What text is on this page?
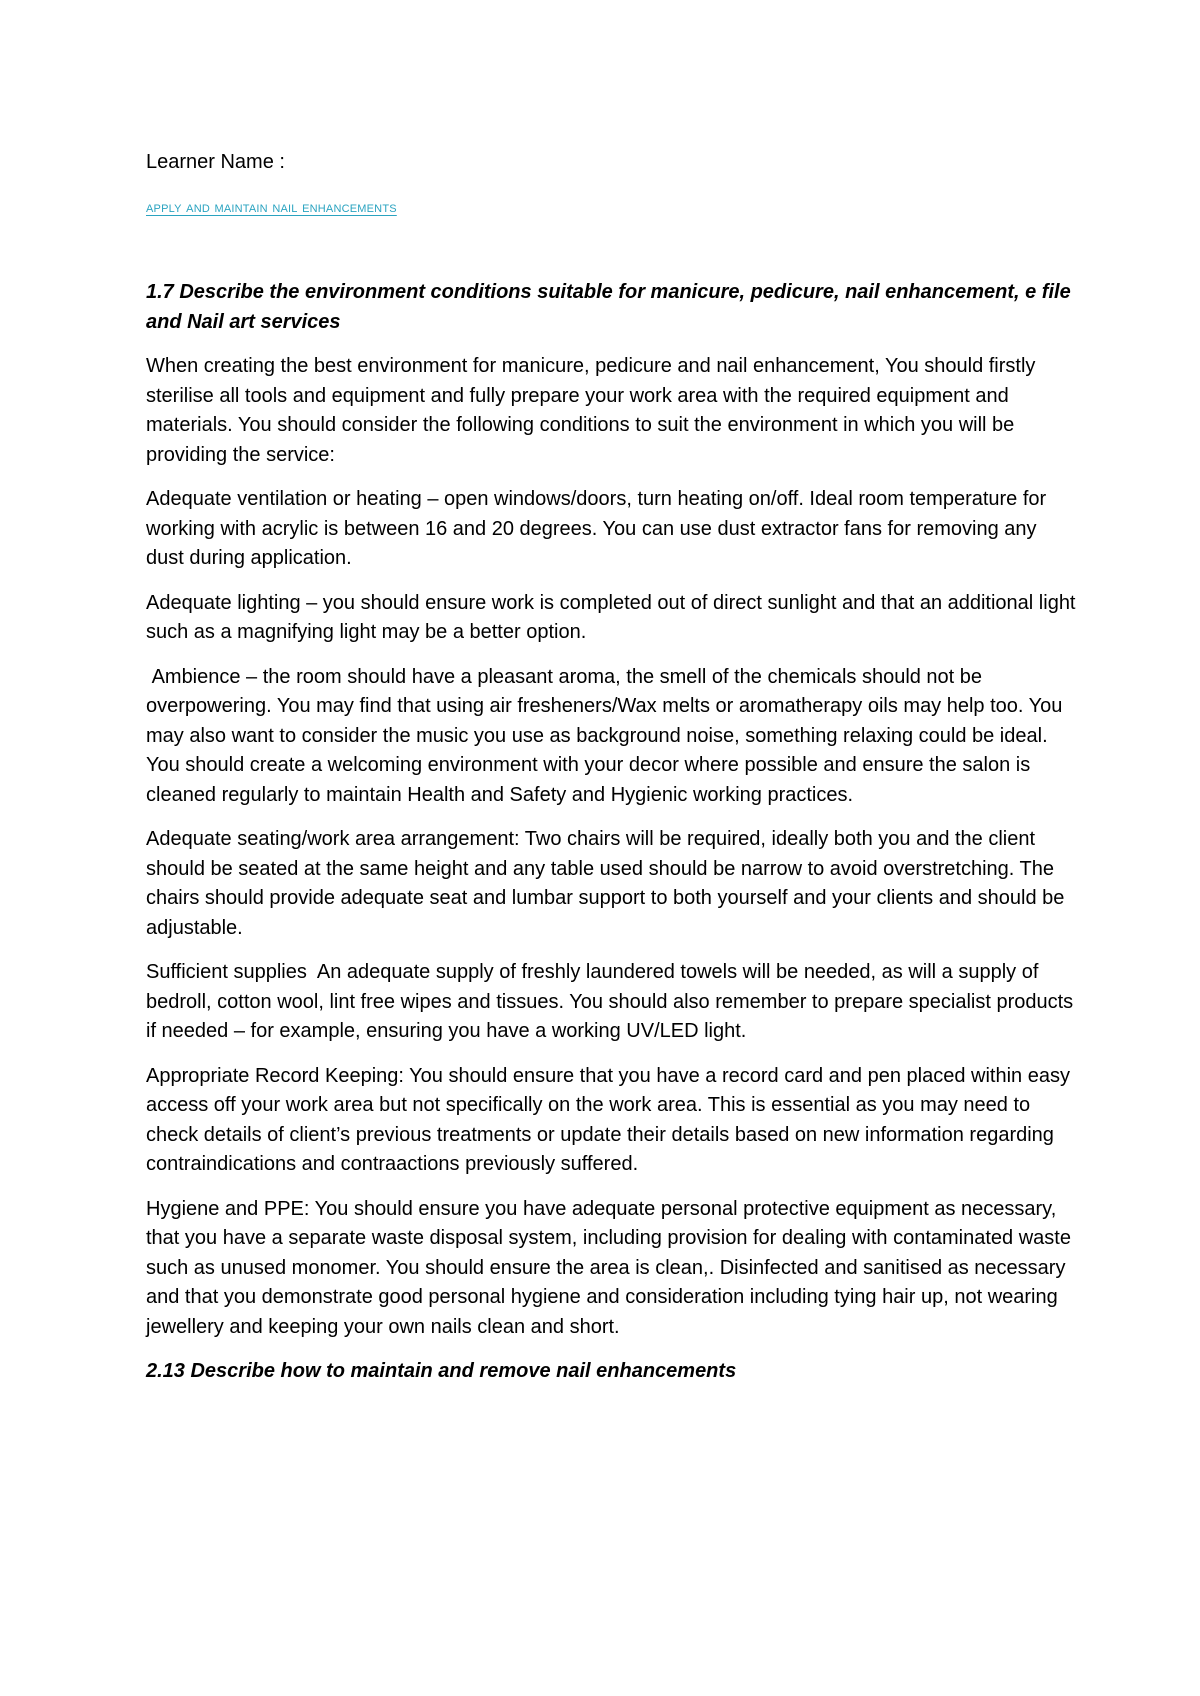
Learner Name :

apply and maintain nail enhancements

1.7 Describe the environment conditions suitable for manicure, pedicure, nail enhancement, e file and Nail art services

When creating the best environment for manicure, pedicure and nail enhancement, You should firstly sterilise all tools and equipment and fully prepare your work area with the required equipment and materials. You should consider the following conditions to suit the environment in which you will be providing the service:

Adequate ventilation or heating – open windows/doors, turn heating on/off. Ideal room temperature for working with acrylic is between 16 and 20 degrees. You can use dust extractor fans for removing any dust during application.

Adequate lighting – you should ensure work is completed out of direct sunlight and that an additional light such as a magnifying light may be a better option.

Ambience – the room should have a pleasant aroma, the smell of the chemicals should not be overpowering. You may find that using air fresheners/Wax melts or aromatherapy oils may help too. You may also want to consider the music you use as background noise, something relaxing could be ideal. You should create a welcoming environment with your decor where possible and ensure the salon is cleaned regularly to maintain Health and Safety and Hygienic working practices.

Adequate seating/work area arrangement: Two chairs will be required, ideally both you and the client should be seated at the same height and any table used should be narrow to avoid overstretching. The chairs should provide adequate seat and lumbar support to both yourself and your clients and should be adjustable.

Sufficient supplies  An adequate supply of freshly laundered towels will be needed, as will a supply of bedroll, cotton wool, lint free wipes and tissues. You should also remember to prepare specialist products if needed – for example, ensuring you have a working UV/LED light.

Appropriate Record Keeping: You should ensure that you have a record card and pen placed within easy access off your work area but not specifically on the work area. This is essential as you may need to check details of client’s previous treatments or update their details based on new information regarding contraindications and contraactions previously suffered.

Hygiene and PPE: You should ensure you have adequate personal protective equipment as necessary, that you have a separate waste disposal system, including provision for dealing with contaminated waste such as unused monomer. You should ensure the area is clean,. Disinfected and sanitised as necessary and that you demonstrate good personal hygiene and consideration including tying hair up, not wearing jewellery and keeping your own nails clean and short.

2.13 Describe how to maintain and remove nail enhancements
